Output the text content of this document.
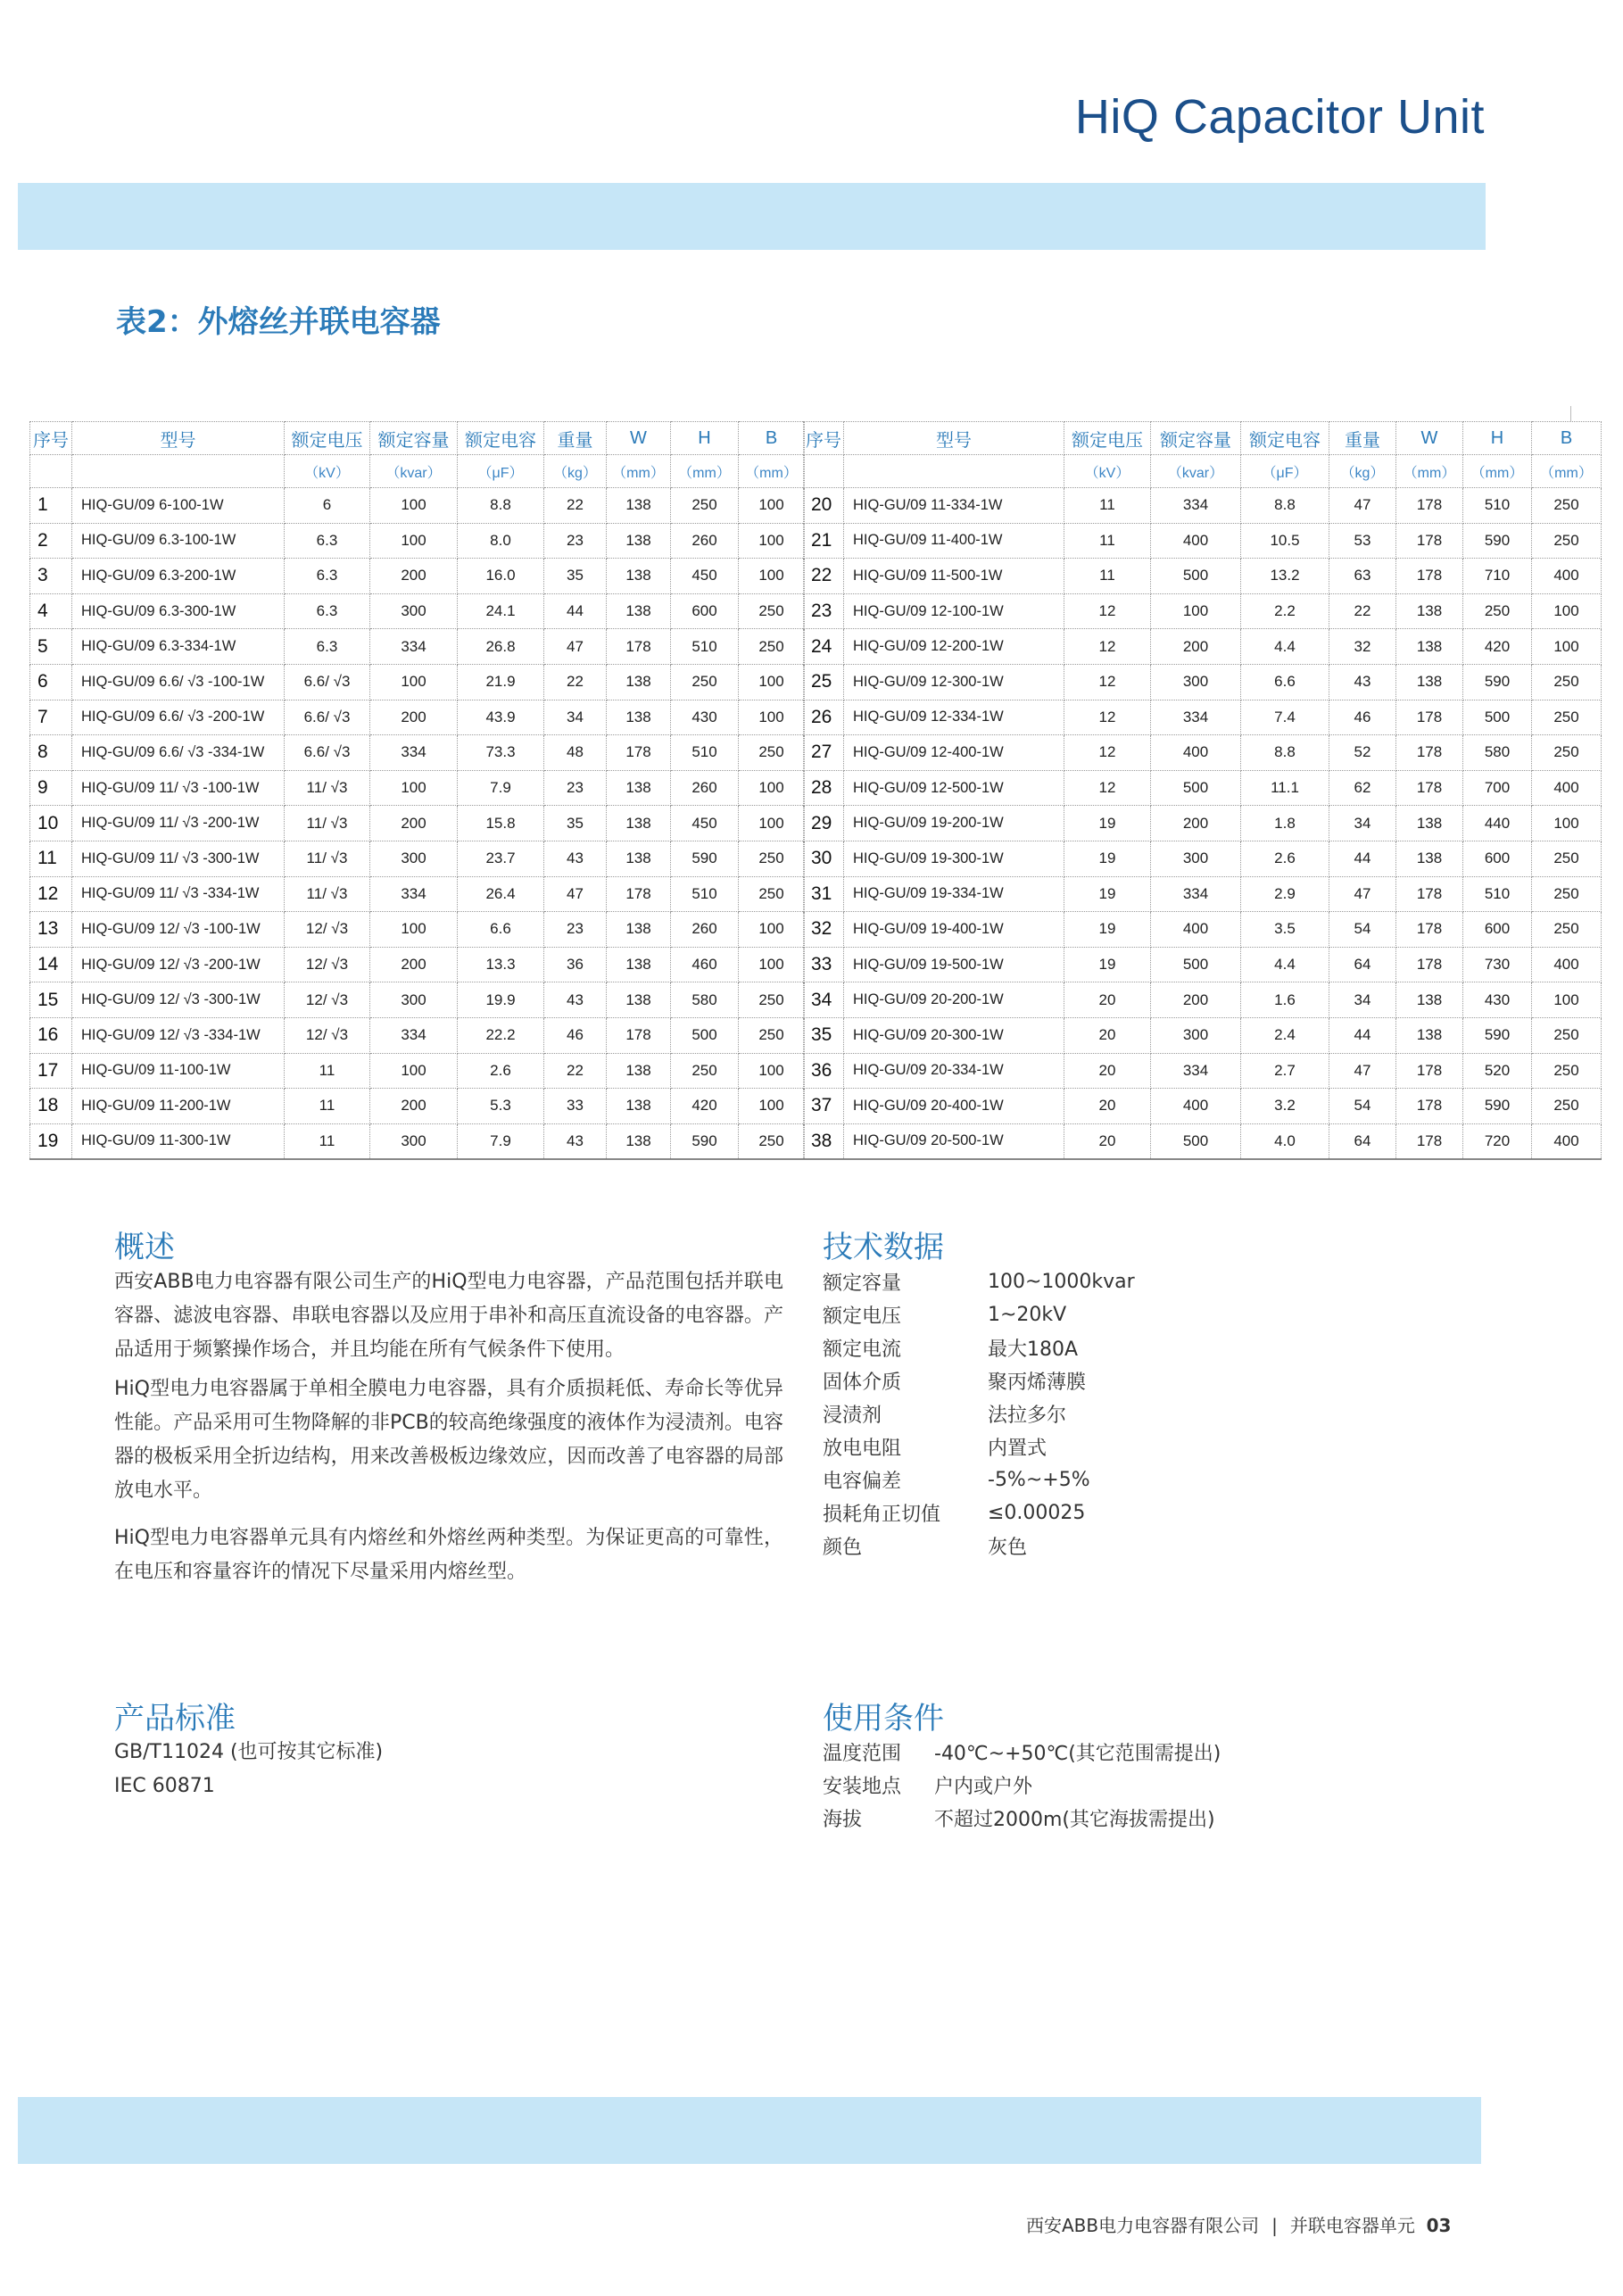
HiQ Capacitor Unit
表2：外熔丝并联电容器
序号	型号	额定电压	额定容量	额定电容	重量	W	H	B
		（kV）	（kvar）	（μF）	（kg）	（mm）	（mm）	（mm）
1	HIQ-GU/09 6-100-1W	6	100	8.8	22	138	250	100
2	HIQ-GU/09 6.3-100-1W	6.3	100	8.0	23	138	260	100
3	HIQ-GU/09 6.3-200-1W	6.3	200	16.0	35	138	450	100
4	HIQ-GU/09 6.3-300-1W	6.3	300	24.1	44	138	600	250
5	HIQ-GU/09 6.3-334-1W	6.3	334	26.8	47	178	510	250
6	HIQ-GU/09 6.6/ √3 -100-1W	6.6/ √3	100	21.9	22	138	250	100
7	HIQ-GU/09 6.6/ √3 -200-1W	6.6/ √3	200	43.9	34	138	430	100
8	HIQ-GU/09 6.6/ √3 -334-1W	6.6/ √3	334	73.3	48	178	510	250
9	HIQ-GU/09 11/ √3 -100-1W	11/ √3	100	7.9	23	138	260	100
10	HIQ-GU/09 11/ √3 -200-1W	11/ √3	200	15.8	35	138	450	100
11	HIQ-GU/09 11/ √3 -300-1W	11/ √3	300	23.7	43	138	590	250
12	HIQ-GU/09 11/ √3 -334-1W	11/ √3	334	26.4	47	178	510	250
13	HIQ-GU/09 12/ √3 -100-1W	12/ √3	100	6.6	23	138	260	100
14	HIQ-GU/09 12/ √3 -200-1W	12/ √3	200	13.3	36	138	460	100
15	HIQ-GU/09 12/ √3 -300-1W	12/ √3	300	19.9	43	138	580	250
16	HIQ-GU/09 12/ √3 -334-1W	12/ √3	334	22.2	46	178	500	250
17	HIQ-GU/09 11-100-1W	11	100	2.6	22	138	250	100
18	HIQ-GU/09 11-200-1W	11	200	5.3	33	138	420	100
19	HIQ-GU/09 11-300-1W	11	300	7.9	43	138	590	250
序号	型号	额定电压	额定容量	额定电容	重量	W	H	B
		（kV）	（kvar）	（μF）	（kg）	（mm）	（mm）	（mm）
20	HIQ-GU/09 11-334-1W	11	334	8.8	47	178	510	250
21	HIQ-GU/09 11-400-1W	11	400	10.5	53	178	590	250
22	HIQ-GU/09 11-500-1W	11	500	13.2	63	178	710	400
23	HIQ-GU/09 12-100-1W	12	100	2.2	22	138	250	100
24	HIQ-GU/09 12-200-1W	12	200	4.4	32	138	420	100
25	HIQ-GU/09 12-300-1W	12	300	6.6	43	138	590	250
26	HIQ-GU/09 12-334-1W	12	334	7.4	46	178	500	250
27	HIQ-GU/09 12-400-1W	12	400	8.8	52	178	580	250
28	HIQ-GU/09 12-500-1W	12	500	11.1	62	178	700	400
29	HIQ-GU/09 19-200-1W	19	200	1.8	34	138	440	100
30	HIQ-GU/09 19-300-1W	19	300	2.6	44	138	600	250
31	HIQ-GU/09 19-334-1W	19	334	2.9	47	178	510	250
32	HIQ-GU/09 19-400-1W	19	400	3.5	54	178	600	250
33	HIQ-GU/09 19-500-1W	19	500	4.4	64	178	730	400
34	HIQ-GU/09 20-200-1W	20	200	1.6	34	138	430	100
35	HIQ-GU/09 20-300-1W	20	300	2.4	44	138	590	250
36	HIQ-GU/09 20-334-1W	20	334	2.7	47	178	520	250
37	HIQ-GU/09 20-400-1W	20	400	3.2	54	178	590	250
38	HIQ-GU/09 20-500-1W	20	500	4.0	64	178	720	400
概述

西安ABB电力电容器有限公司生产的HiQ型电力电容器，产品范围包括并联电容器、滤波电容器、串联电容器以及应用于串补和高压直流设备的电容器。产品适用于频繁操作场合，并且均能在所有气候条件下使用。

HiQ型电力电容器属于单相全膜电力电容器，具有介质损耗低、寿命长等优异性能。产品采用可生物降解的非PCB的较高绝缘强度的液体作为浸渍剂。电容器的极板采用全折边结构，用来改善极板边缘效应，因而改善了电容器的局部放电水平。

HiQ型电力电容器单元具有内熔丝和外熔丝两种类型。为保证更高的可靠性，在电压和容量容许的情况下尽量采用内熔丝型。

技术数据
额定容量	100~1000kvar
额定电压	1~20kV
额定电流	最大180A
固体介质	聚丙烯薄膜
浸渍剂	法拉多尔
放电电阻	内置式
电容偏差	-5%~+5%
损耗角正切值	≤0.00025
颜色	灰色
产品标准
GB/T11024 (也可按其它标准)
IEC 60871
使用条件
温度范围	-40℃~+50℃(其它范围需提出)
安装地点	户内或户外
海拔	不超过2000m(其它海拔需提出)
西安ABB电力电容器有限公司 | 并联电容器单元 03
